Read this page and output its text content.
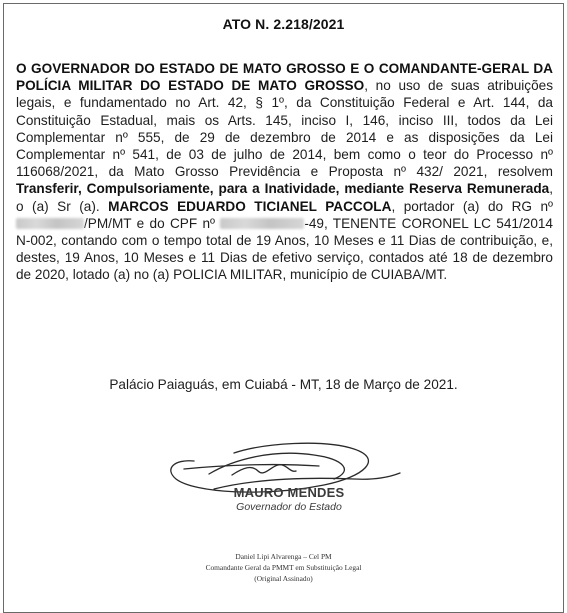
ATO N. 2.218/2021
O GOVERNADOR DO ESTADO DE MATO GROSSO E O COMANDANTE-GERAL DA POLÍCIA MILITAR DO ESTADO DE MATO GROSSO, no uso de suas atribuições legais, e fundamentado no Art. 42, § 1º, da Constituição Federal e Art. 144, da Constituição Estadual, mais os Arts. 145, inciso I, 146, inciso III, todos da Lei Complementar nº 555, de 29 de dezembro de 2014 e as disposições da Lei Complementar nº 541, de 03 de julho de 2014, bem como o teor do Processo nº 116068/2021, da Mato Grosso Previdência e Proposta nº 432/ 2021, resolvem Transferir, Compulsoriamente, para a Inatividade, mediante Reserva Remunerada, o (a) Sr (a). MARCOS EDUARDO TICIANEL PACCOLA, portador (a) do RG nº /PM/MT e do CPF nº	-49, TENENTE CORONEL LC 541/2014 N-002, contando com o tempo total de 19 Anos, 10 Meses e 11 Dias de contribuição, e, destes, 19 Anos, 10 Meses e 11 Dias de efetivo serviço, contados até 18 de dezembro de 2020, lotado (a) no (a) POLICIA MILITAR, município de CUIABA/MT.
Palácio Paiaguás, em Cuiabá - MT, 18 de Março de 2021.
MAURO MENDES
Governador do Estado
Daniel Lipi Alvarenga – Cel PM
Comandante Geral da PMMT em Substituição Legal
(Original Assinado)
